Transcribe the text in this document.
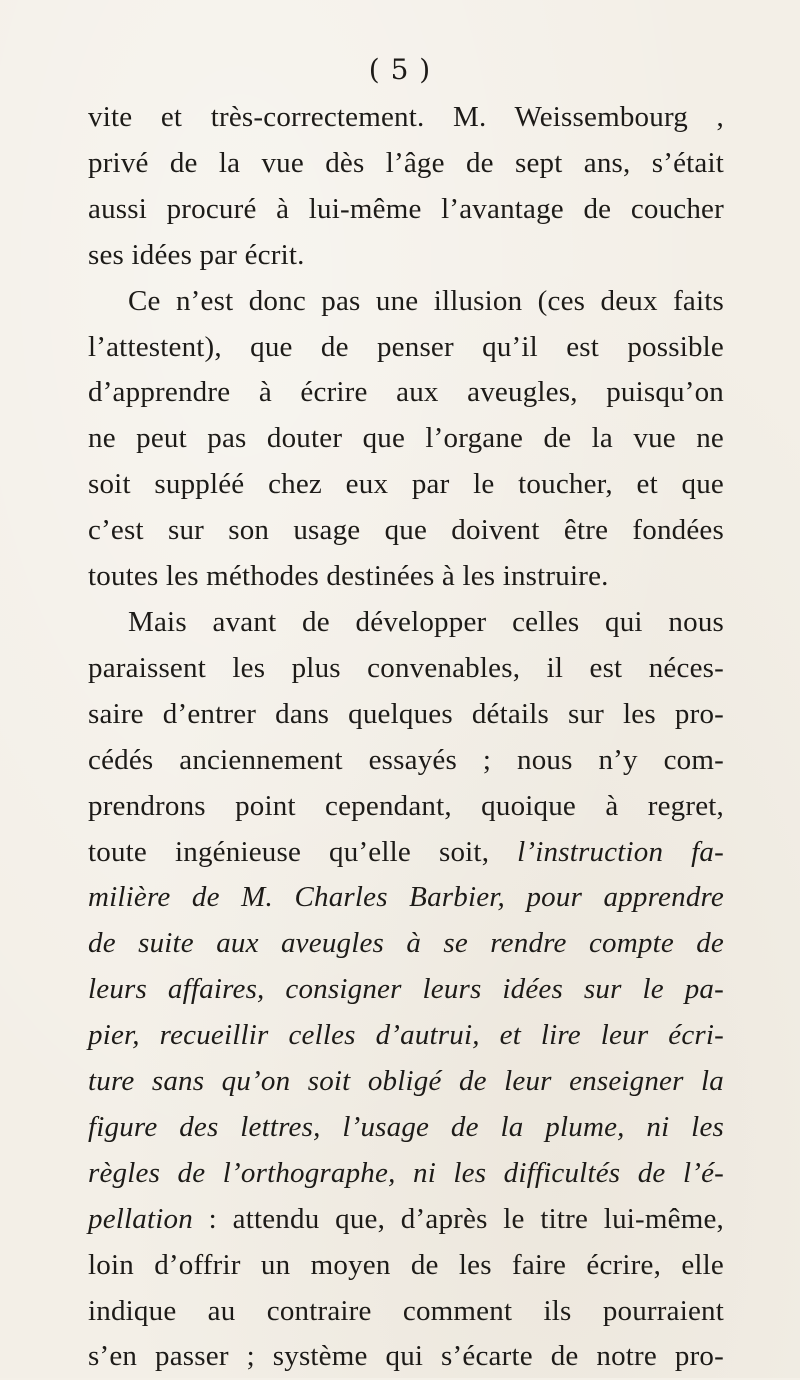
( 5 )
vite et très-correctement. M. Weissembourg ,
privé de la vue dès l’âge de sept ans, s’était
aussi procuré à lui-même l’avantage de coucher
ses idées par écrit.
Ce n’est donc pas une illusion (ces deux faits
l’attestent), que de penser qu’il est possible
d’apprendre à écrire aux aveugles, puisqu’on
ne peut pas douter que l’organe de la vue ne
soit suppléé chez eux par le toucher, et que
c’est sur son usage que doivent être fondées
toutes les méthodes destinées à les instruire.
Mais avant de développer celles qui nous
paraissent les plus convenables, il est néces-
saire d’entrer dans quelques détails sur les pro-
cédés anciennement essayés ; nous n’y com-
prendrons point cependant, quoique à regret,
toute ingénieuse qu’elle soit, l’instruction fa-
milière de M. Charles Barbier, pour apprendre
de suite aux aveugles à se rendre compte de
leurs affaires, consigner leurs idées sur le pa-
pier, recueillir celles d’autrui, et lire leur écri-
ture sans qu’on soit obligé de leur enseigner la
figure des lettres, l’usage de la plume, ni les
règles de l’orthographe, ni les difficultés de l’é-
pellation : attendu que, d’après le titre lui-même,
loin d’offrir un moyen de les faire écrire, elle
indique au contraire comment ils pourraient
s’en passer ; système qui s’écarte de notre pro-
